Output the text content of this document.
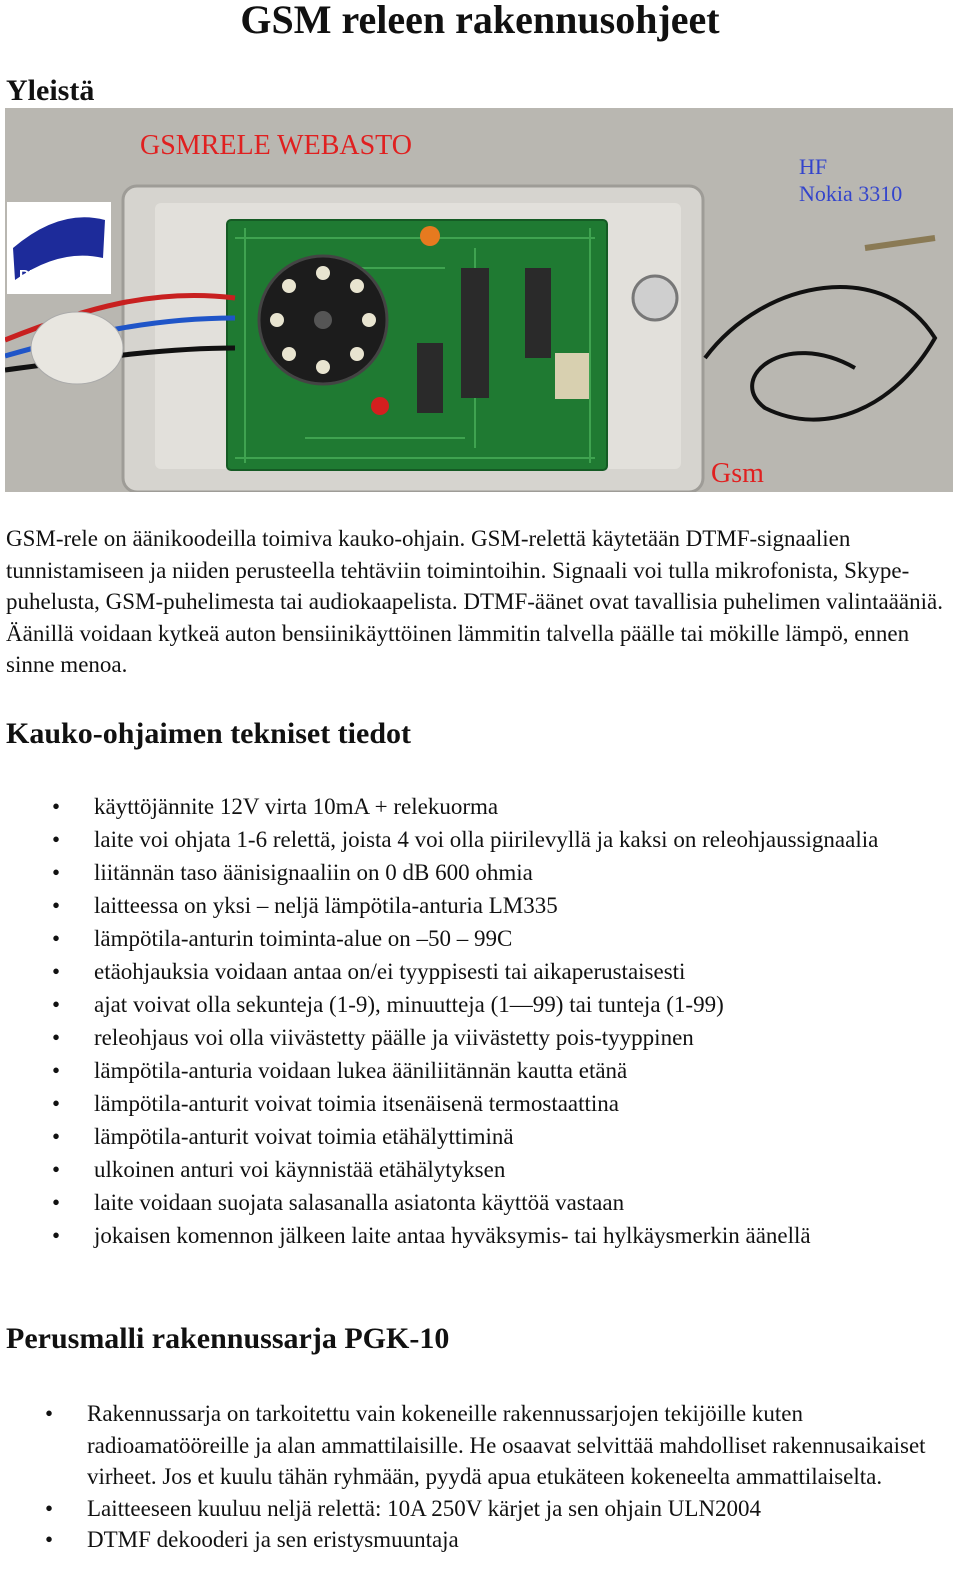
GSM releen rakennusohjeet
Yleistä
PROBYTE
GSMRELE WEBASTO
HF
Nokia 3310
Gsm

GSM-rele on äänikoodeilla toimiva kauko-ohjain. GSM-relettä käytetään DTMF-signaalien tunnistamiseen ja niiden perusteella tehtäviin toimintoihin. Signaali voi tulla mikrofonista, Skype-puhelusta, GSM-puhelimesta tai audiokaapelista. DTMF-äänet ovat tavallisia puhelimen valintaääniä. Äänillä voidaan kytkeä auton bensiinikäyttöinen lämmitin talvella päälle tai mökille lämpö, ennen sinne menoa.

Kauko-ohjaimen tekniset tiedot
• käyttöjännite 12V virta 10mA + relekuorma
• laite voi ohjata 1-6 relettä, joista 4 voi olla piirilevyllä ja kaksi on releohjaussignaalia
• liitännän taso äänisignaaliin on 0 dB 600 ohmia
• laitteessa on yksi – neljä lämpötila-anturia LM335
• lämpötila-anturin toiminta-alue on –50 – 99C
• etäohjauksia voidaan antaa on/ei tyyppisesti tai aikaperustaisesti
• ajat voivat olla sekunteja (1-9), minuutteja (1—99) tai tunteja (1-99)
• releohjaus voi olla viivästetty päälle ja viivästetty pois-tyyppinen
• lämpötila-anturia voidaan lukea ääniliitännän kautta etänä
• lämpötila-anturit voivat toimia itsenäisenä termostaattina
• lämpötila-anturit voivat toimia etähälyttiminä
• ulkoinen anturi voi käynnistää etähälytyksen
• laite voidaan suojata salasanalla asiatonta käyttöä vastaan
• jokaisen komennon jälkeen laite antaa hyväksymis- tai hylkäysmerkin äänellä
Perusmalli rakennussarja PGK-10
• Rakennussarja on tarkoitettu vain kokeneille rakennussarjojen tekijöille kuten radioamatööreille ja alan ammattilaisille. He osaavat selvittää mahdolliset rakennusaikaiset virheet. Jos et kuulu tähän ryhmään, pyydä apua etukäteen kokeneelta ammattilaiselta.
• Laitteeseen kuuluu neljä relettä: 10A 250V kärjet ja sen ohjain ULN2004
• DTMF dekooderi ja sen eristysmuuntaja
